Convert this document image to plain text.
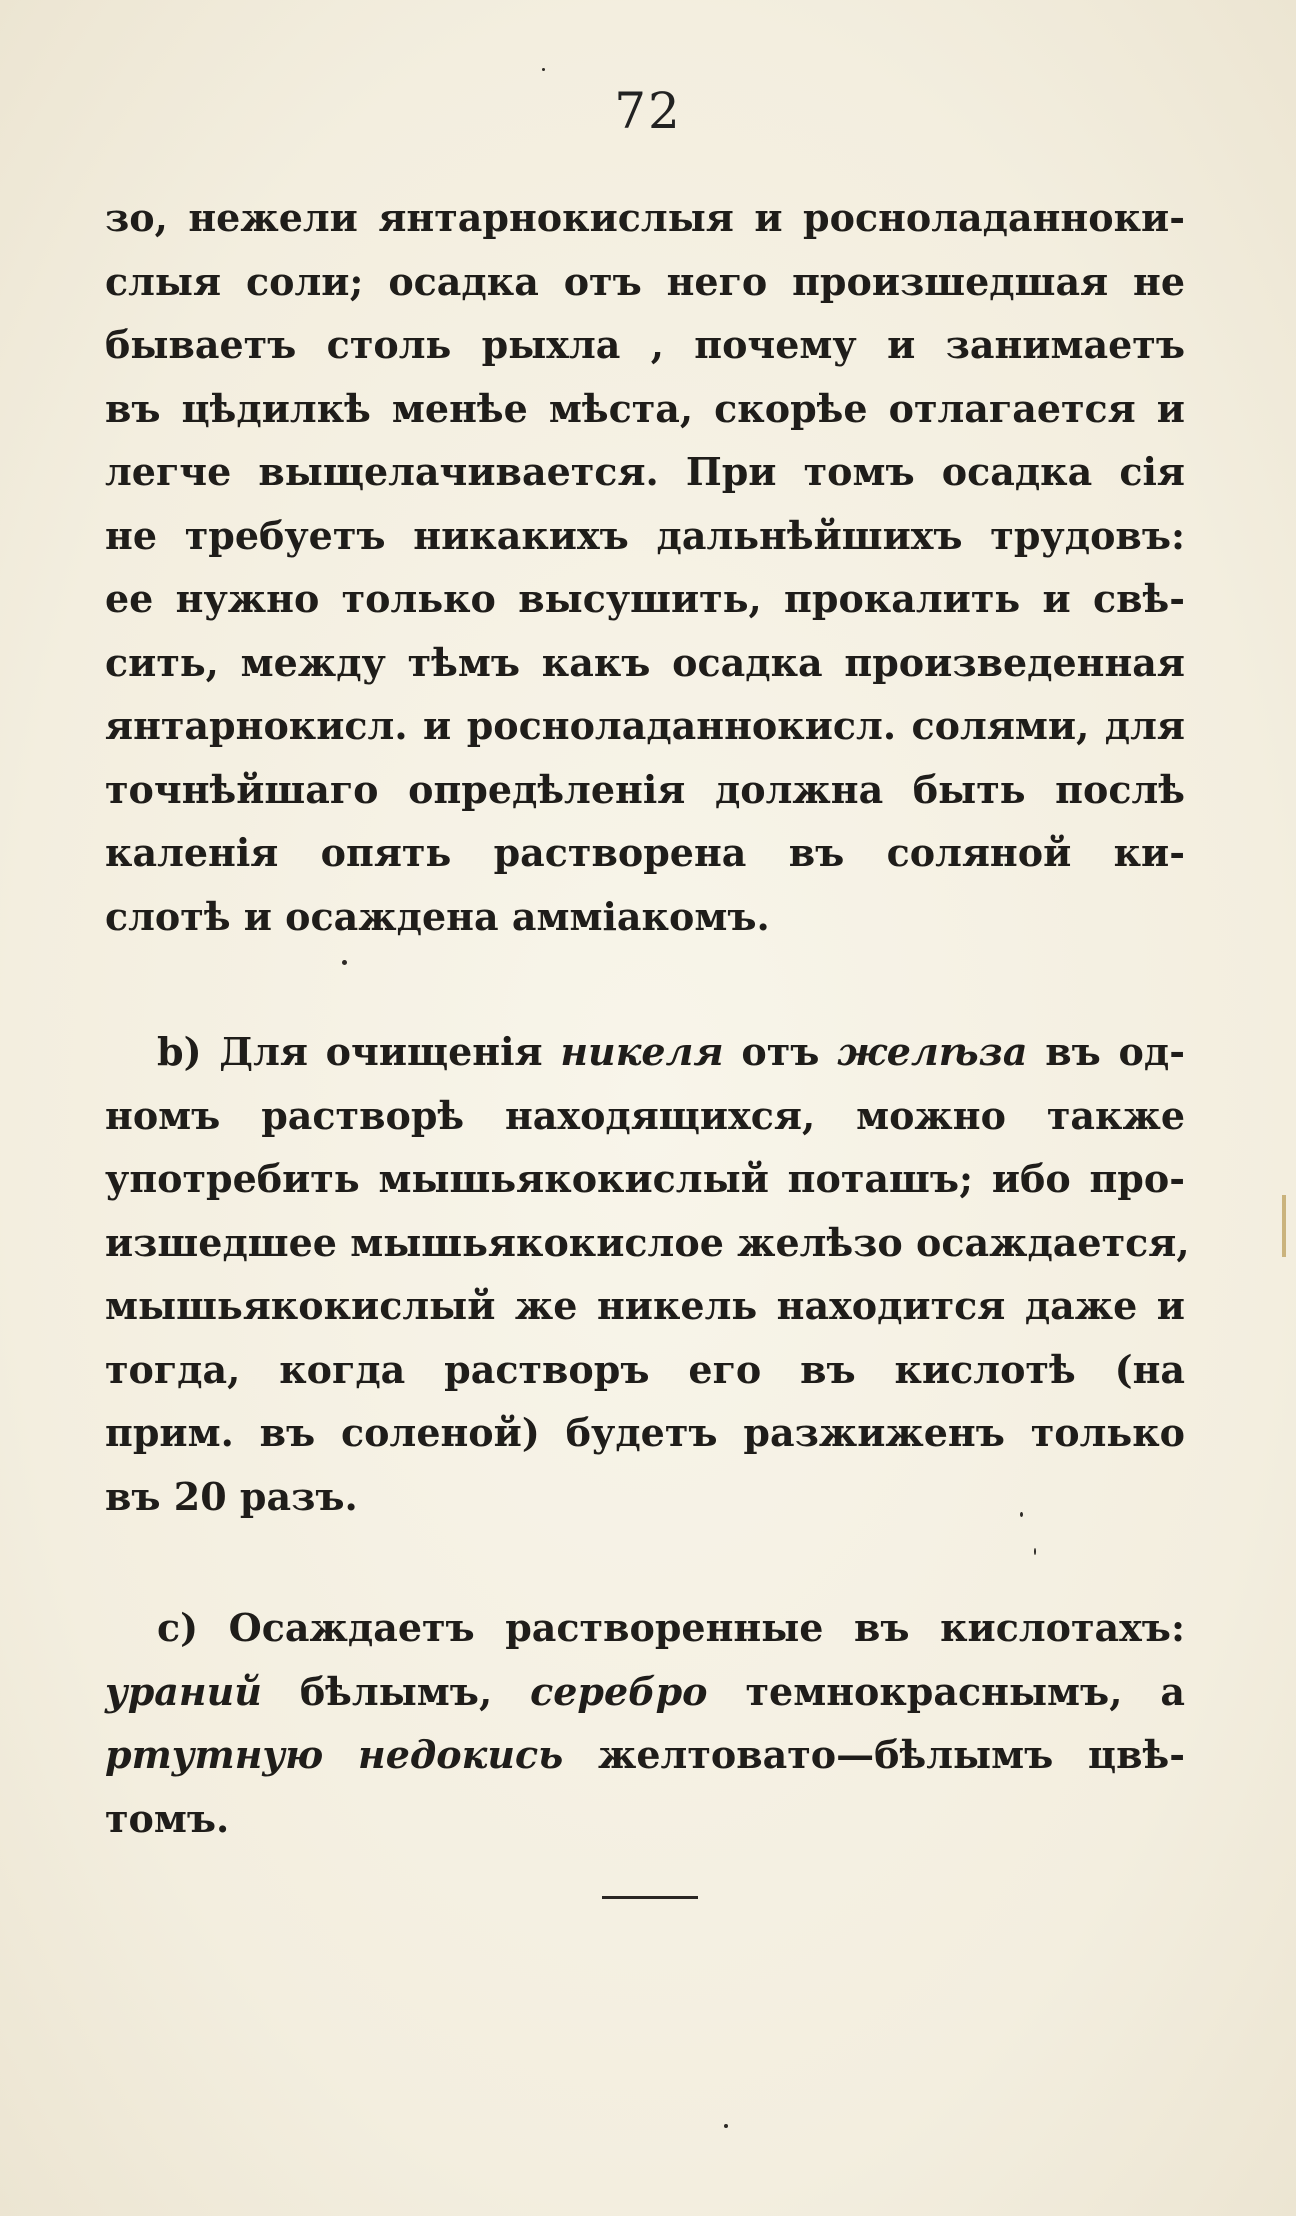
72
зо, нежели янтарнокислыя и росноладаннoки-
слыя соли; осадка отъ него произшедшая не
бываетъ столь рыхла , почему и занимаетъ
въ цѣдилкѣ менѣе мѣста, скорѣе отлагается и
легче выщелачивается. При томъ осадка сія
не требуетъ никакихъ дальнѣйшихъ трудовъ:
ее нужно только высушить, прокалить и свѣ-
сить, между тѣмъ какъ осадка произведенная
янтарнокисл. и росноладаннокисл. солями, для
точнѣйшаго опредѣленія должна быть послѣ
каленія опять растворена въ соляной ки-
слотѣ и осаждена аммiакомъ.
b) Для очищенія никеля отъ желѣза въ од-
номъ растворѣ находящихся, можно также
употребить мышьякокислый поташъ; ибо про-
изшедшее мышьякокислое желѣзо осаждается,
мышьякокислый же никель находится даже и
тогда, когда растворъ его въ кислотѣ (на
прим. въ соленой) будетъ разжиженъ только
въ 20 разъ.
c) Осаждаетъ растворенные въ кислотахъ:
ураний бѣлымъ, серебро темнокраснымъ, а
ртутную недокись желтовато—бѣлымъ цвѣ-
томъ.
